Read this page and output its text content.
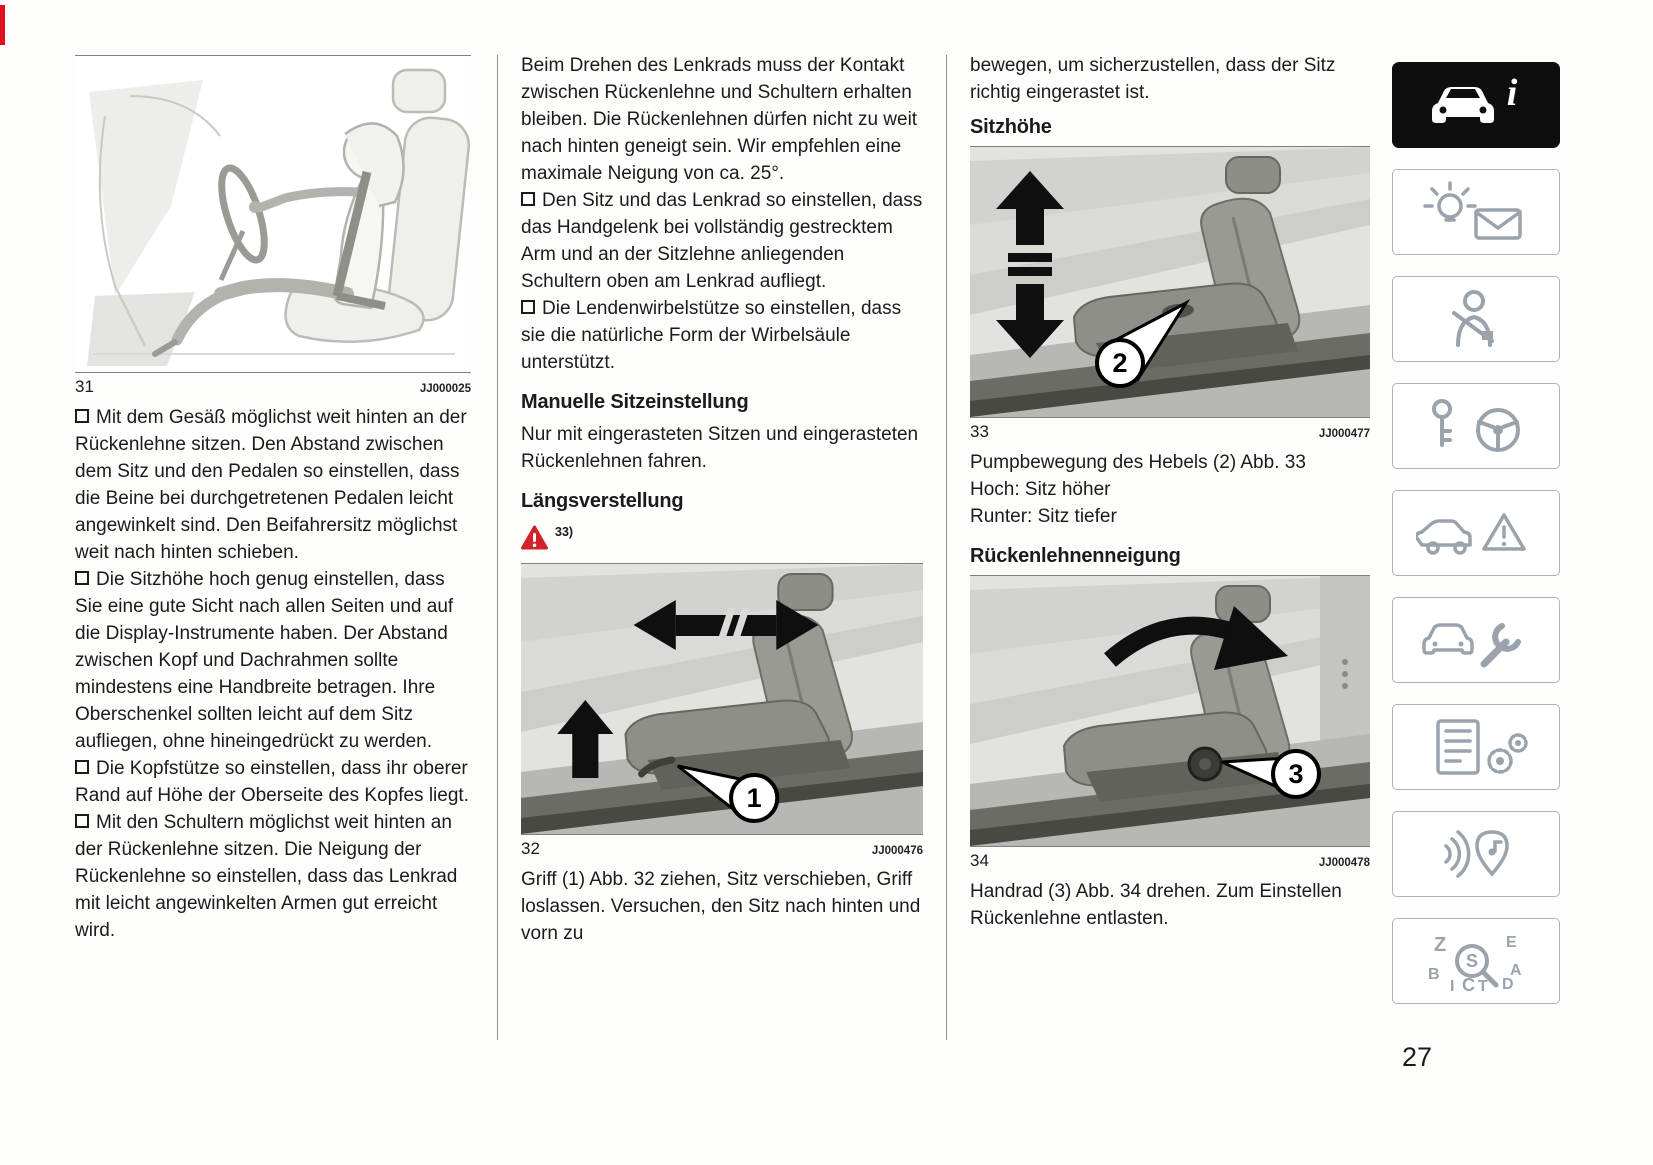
31	JJ000025

Mit dem Gesäß möglichst weit hinten an der Rückenlehne sitzen. Den Abstand zwischen dem Sitz und den Pedalen so einstellen, dass die Beine bei durchgetretenen Pedalen leicht angewinkelt sind. Den Beifahrersitz möglichst weit nach hinten schieben.

Die Sitzhöhe hoch genug einstellen, dass Sie eine gute Sicht nach allen Seiten und auf die Display-Instrumente haben. Der Abstand zwischen Kopf und Dachrahmen sollte mindestens eine Handbreite betragen. Ihre Oberschenkel sollten leicht auf dem Sitz aufliegen, ohne hineingedrückt zu werden.

Die Kopfstütze so einstellen, dass ihr oberer Rand auf Höhe der Oberseite des Kopfes liegt.

Mit den Schultern möglichst weit hinten an der Rückenlehne sitzen. Die Neigung der Rückenlehne so einstellen, dass das Lenkrad mit leicht angewinkelten Armen gut erreicht wird.

Beim Drehen des Lenkrads muss der Kontakt zwischen Rückenlehne und Schultern erhalten bleiben. Die Rückenlehnen dürfen nicht zu weit nach hinten geneigt sein. Wir empfehlen eine maximale Neigung von ca. 25°.

Den Sitz und das Lenkrad so einstellen, dass das Handgelenk bei vollständig gestrecktem Arm und an der Sitzlehne anliegenden Schultern oben am Lenkrad aufliegt.

Die Lendenwirbelstütze so einstellen, dass sie die natürliche Form der Wirbelsäule unterstützt.

Manuelle Sitzeinstellung

Nur mit eingerasteten Sitzen und eingerasteten Rückenlehnen fahren.

Längsverstellung
33)
1
32	JJ000476

Griff (1) Abb. 32 ziehen, Sitz verschieben, Griff loslassen. Versuchen, den Sitz nach hinten und vorn zu

bewegen, um sicherzustellen, dass der Sitz richtig eingerastet ist.

Sitzhöhe
2
33	JJ000477

Pumpbewegung des Hebels (2) Abb. 33

Hoch: Sitz höher

Runter: Sitz tiefer

Rückenlehnenneigung
3
34	JJ000478

Handrad (3) Abb. 34 drehen. Zum Einstellen Rückenlehne entlasten.

i
Z	E
B	A
I C T D
S
27
